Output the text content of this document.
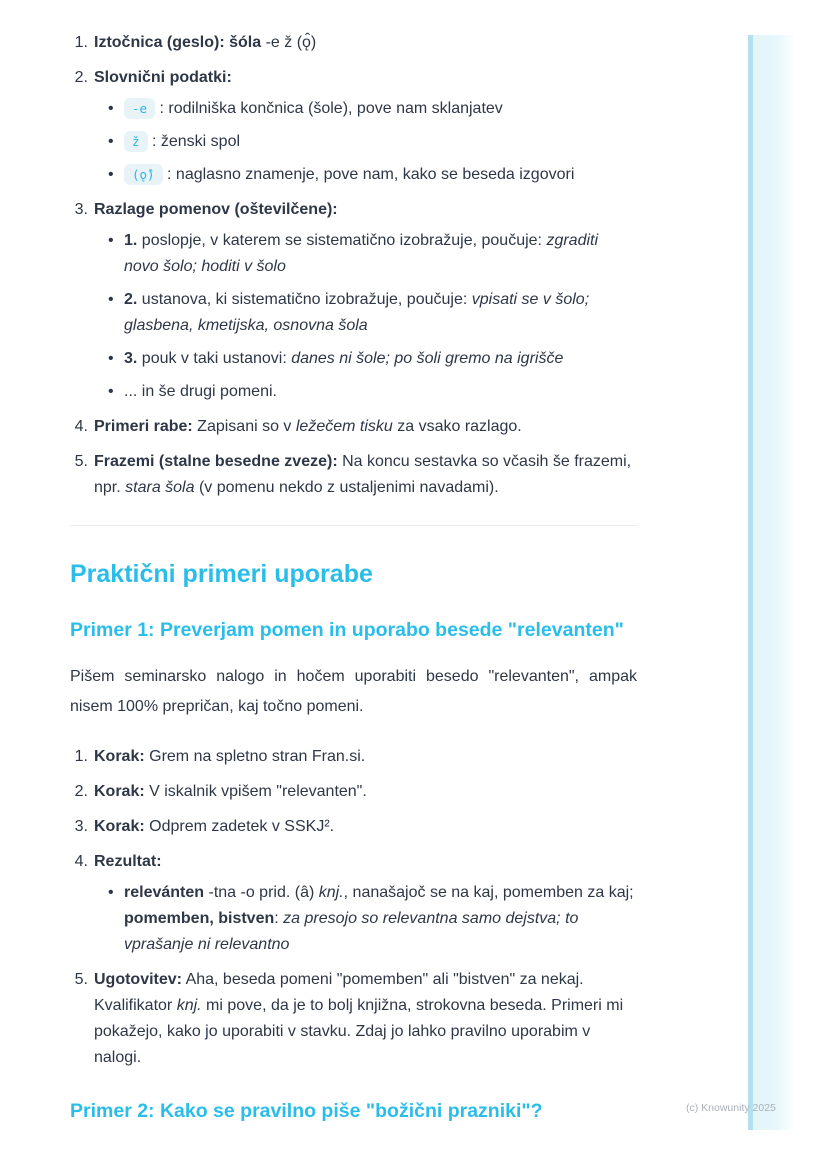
Iztočnica (geslo): šóla -e ž (ǫ̂)
Slovnični podatki:
• -e : rodilniška končnica (šole), pove nam sklanjatev
• ž : ženski spol
• (ǫ̂) : naglasno znamenje, pove nam, kako se beseda izgovori
Razlage pomenov (oštevilčene):
• 1. poslopje, v katerem se sistematično izobražuje, poučuje: zgraditi novo šolo; hoditi v šolo
• 2. ustanova, ki sistematično izobražuje, poučuje: vpisati se v šolo; glasbena, kmetijska, osnovna šola
• 3. pouk v taki ustanovi: danes ni šole; po šoli gremo na igrišče
• ... in še drugi pomeni.
Primeri rabe: Zapisani so v ležečem tisku za vsako razlago.
Frazemi (stalne besedne zveze): Na koncu sestavka so včasih še frazemi, npr. stara šola (v pomenu nekdo z ustaljenimi navadami).
Praktični primeri uporabe
Primer 1: Preverjam pomen in uporabo besede "relevanten"

Pišem seminarsko nalogo in hočem uporabiti besedo "relevanten", ampak nisem 100% prepričan, kaj točno pomeni.

Korak: Grem na spletno stran Fran.si.
Korak: V iskalnik vpišem "relevanten".
Korak: Odprem zadetek v SSKJ².
Rezultat:
• relevánten -tna -o prid. (â) knj., nanašajoč se na kaj, pomemben za kaj; pomemben, bistven: za presojo so relevantna samo dejstva; to vprašanje ni relevantno
Ugotovitev: Aha, beseda pomeni "pomemben" ali "bistven" za nekaj. Kvalifikator knj. mi pove, da je to bolj knjižna, strokovna beseda. Primeri mi pokažejo, kako jo uporabiti v stavku. Zdaj jo lahko pravilno uporabim v nalogi.
Primer 2: Kako se pravilno piše "božični prazniki"?	(c) Knowunity 2025
